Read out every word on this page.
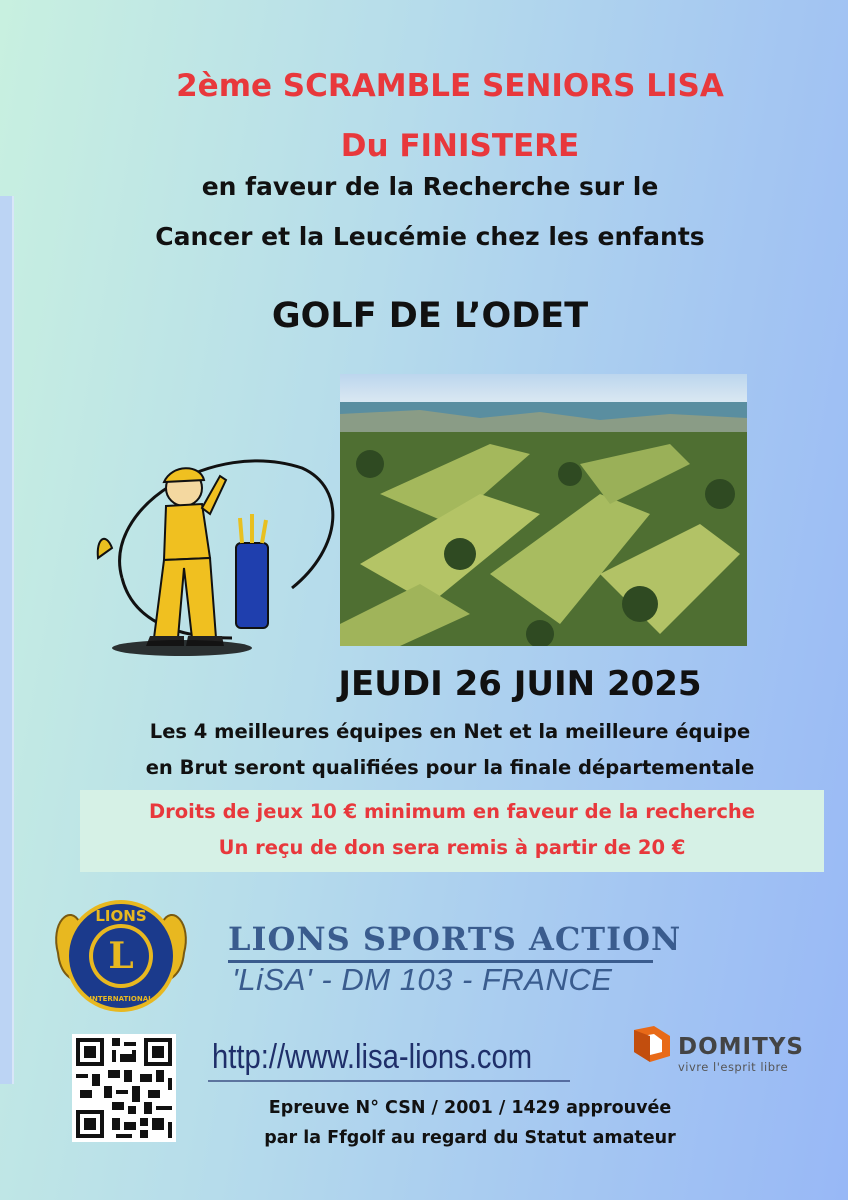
2ème SCRAMBLE SENIORS LISA
Du FINISTERE
en faveur de la Recherche sur le
Cancer et la Leucémie chez les enfants
GOLF DE L’ODET
JEUDI 26 JUIN 2025
Les 4 meilleures équipes en Net et la meilleure équipe
en Brut seront qualifiées pour la finale départementale
Droits de jeux 10 € minimum en faveur de la recherche
Un reçu de don sera remis à partir de 20 €
LIONS
L
INTERNATIONAL
LIONS SPORTS ACTION
'LiSA' - DM 103 - FRANCE
http://www.lisa-lions.com	DOMITYS
vivre l'esprit libre
Epreuve N° CSN / 2001 / 1429 approuvée
par la Ffgolf au regard du Statut amateur
